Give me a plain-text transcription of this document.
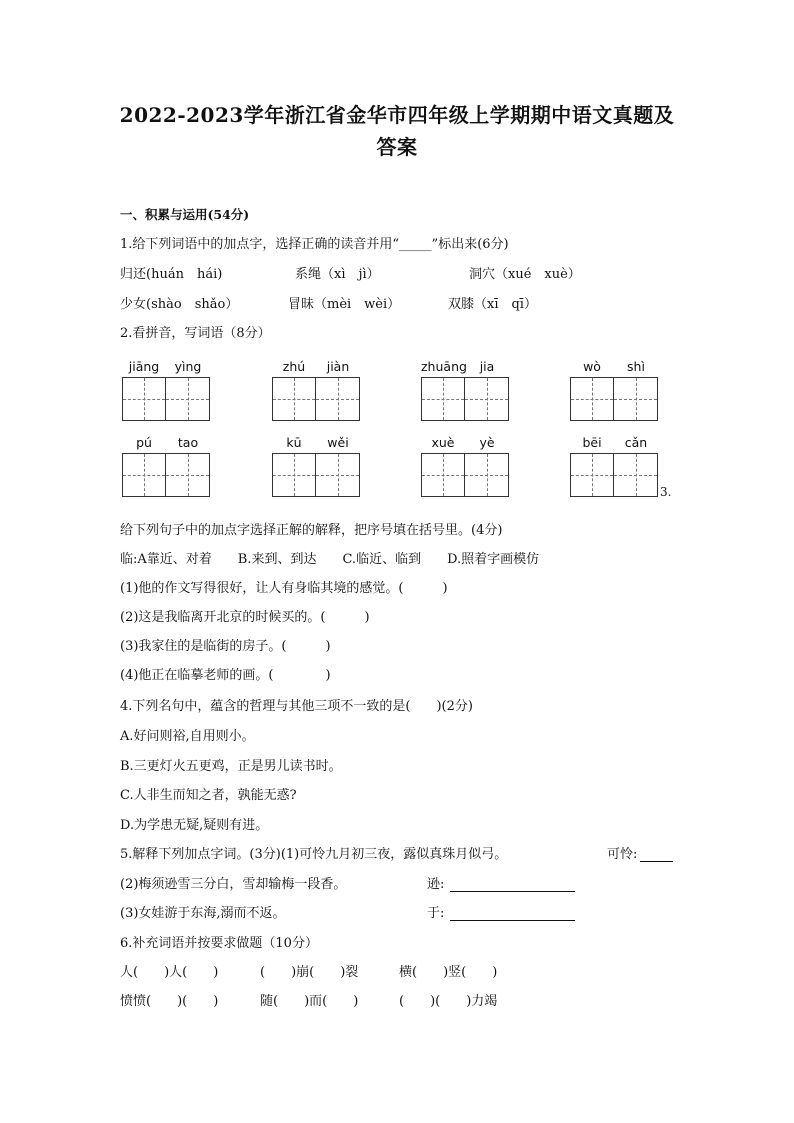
2022-2023学年浙江省金华市四年级上学期期中语文真题及
答案
一、积累与运用(54分)
1.给下列词语中的加点字，选择正确的读音并用“_____”标出来(6分)
归还(huán　hái)	系绳（xì　jì）	洞穴（xué　xuè）
少女(shào　shǎo）	冒昧（mèi　wèi）	双膝（xī　qī）
2.看拼音，写词语（8分）
jiāng	yìng	zhú	jiàn	zhuāng	jia	wò	shì
pú	tao	kū	wěi	xuè	yè	bēi	cǎn
3.
给下列句子中的加点字选择正解的解释，把序号填在括号里。(4分)
临:A靠近、对着　　B.来到、到达　　C.临近、临到　　D.照着字画模仿
(1)他的作文写得很好，让人有身临其境的感觉。(　　　)
(2)这是我临离开北京的时候买的。(　　　)
(3)我家住的是临街的房子。(　　　)
(4)他正在临摹老师的画。(　　　　)
4.下列名句中，蕴含的哲理与其他三项不一致的是(　　)(2分)
A.好问则裕,自用则小。
B.三更灯火五更鸡，正是男儿读书时。
C.人非生而知之者，孰能无惑?
D.为学患无疑,疑则有进。
5.解释下列加点字词。(3分)(1)可怜九月初三夜，露似真珠月似弓。	可怜:
(2)梅须逊雪三分白，雪却输梅一段香。	逊:
(3)女娃游于东海,溺而不返。	于:
6.补充词语并按要求做题（10分）
人(　　)人(　　)	(　　)崩(　　)裂	横(　　)竖(　　)
愤愤(　　)(　　)	随(　　)而(　　)	(　　)(　　)力竭
